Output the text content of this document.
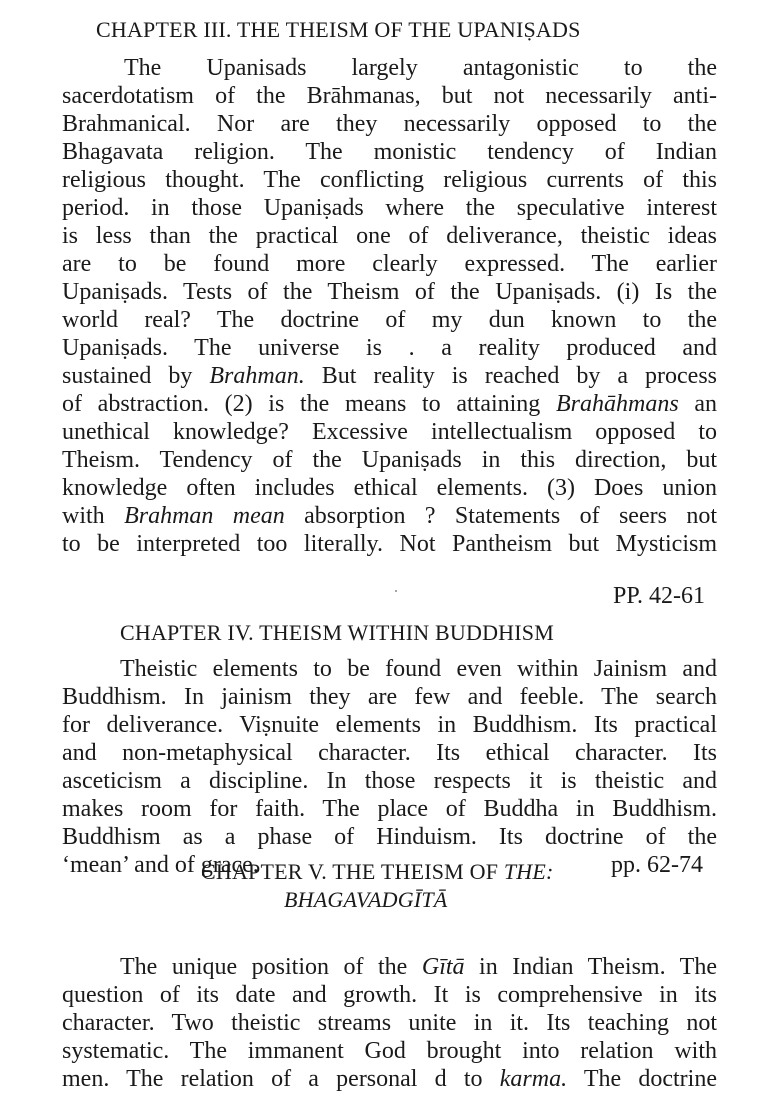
CHAPTER III. THE THEISM OF THE UPANIṢADS
The Upanisads largely antagonistic to the
sacerdotatism of the Brāhmanas, but not necessarily anti-
Brahmanical. Nor are they necessarily opposed to the
Bhagavata religion. The monistic tendency of Indian
religious thought. The conflicting religious currents of this
period. in those Upaniṣads where the speculative interest
is less than the practical one of deliverance, theistic ideas
are to be found more clearly expressed. The earlier
Upaniṣads. Tests of the Theism of the Upaniṣads. (i) Is the
world real? The doctrine of my dun known to the
Upaniṣads. The universe is . a reality produced and
sustained by Brahman. But reality is reached by a process
of abstraction. (2) is the means to attaining Brahāhmans an
unethical knowledge? Excessive intellectualism opposed to
Theism. Tendency of the Upaniṣads in this direction, but
knowledge often includes ethical elements. (3) Does union
with Brahman mean absorption ? Statements of seers not
to be interpreted too literally. Not Pantheism but Mysticism
PP. 42-61
CHAPTER IV. THEISM WITHIN BUDDHISM
Theistic elements to be found even within Jainism and
Buddhism. In jainism they are few and feeble. The search
for deliverance. Viṣnuite elements in Buddhism. Its practical
and non-metaphysical character. Its ethical character. Its
asceticism a discipline. In those respects it is theistic and
makes room for faith. The place of Buddha in Buddhism.
Buddhism as a phase of Hinduism. Its doctrine of the
‘mean’ and of grace.	pp. 62-74
CHAPTER V. THE THEISM OF THE:
BHAGAVADGĪTĀ
The unique position of the Gītā in Indian Theism. The
question of its date and growth. It is comprehensive in its
character. Two theistic streams unite in it. Its teaching not
systematic. The immanent God brought into relation with
men. The relation of a personal d to karma. The doctrine
